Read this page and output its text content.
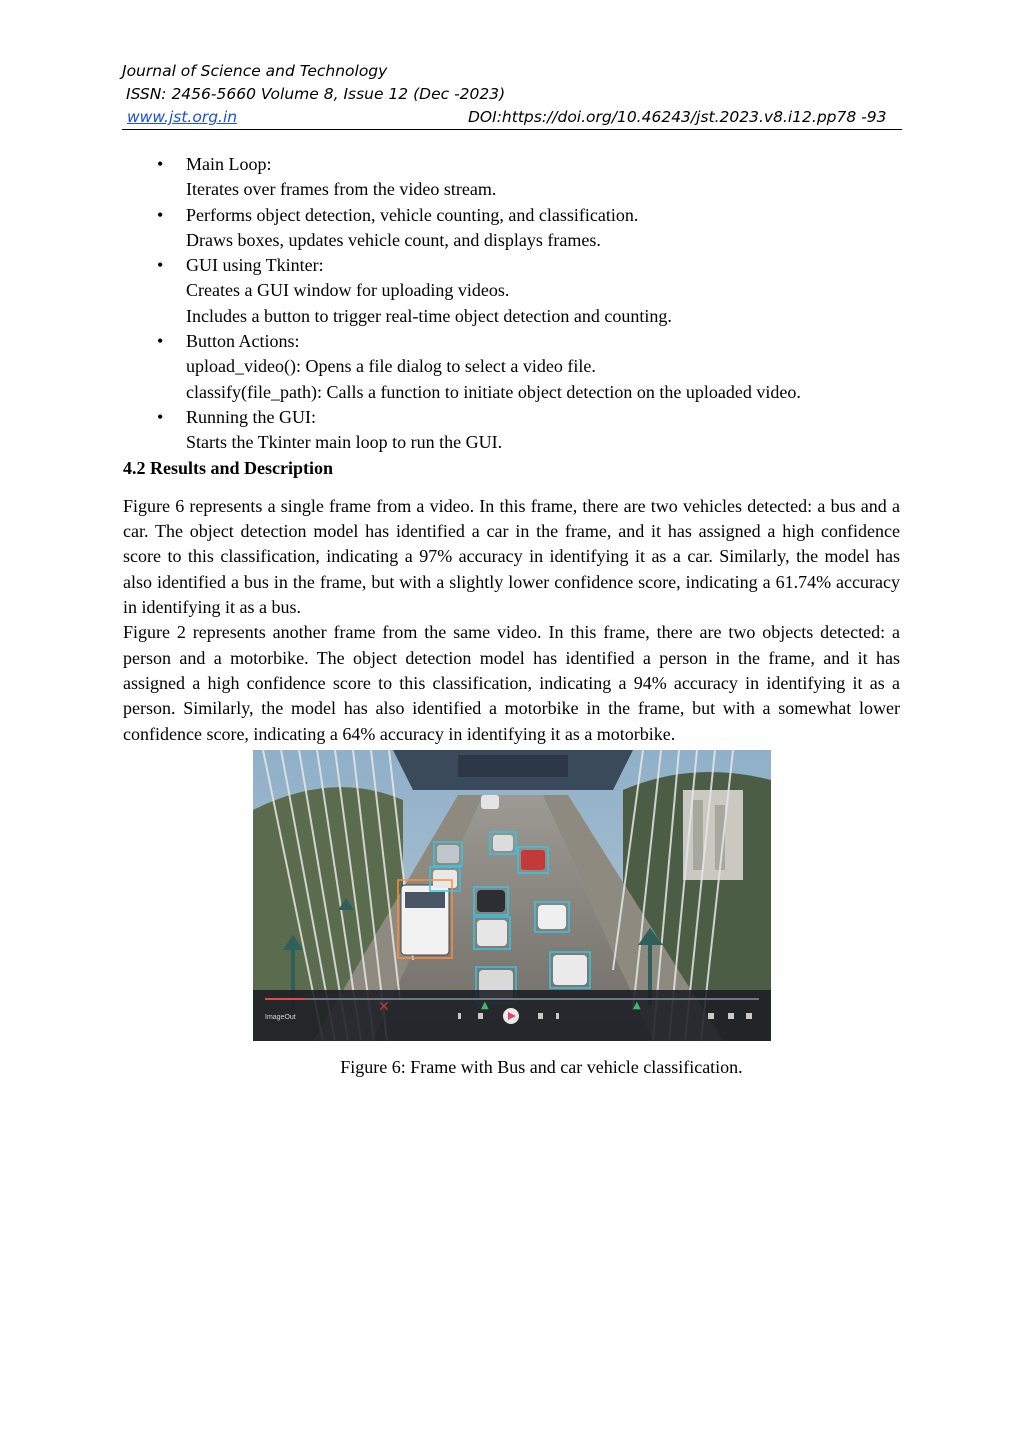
Journal of Science and Technology
ISSN: 2456-5660 Volume 8, Issue 12 (Dec -2023)
www.jst.org.in	DOI:https://doi.org/10.46243/jst.2023.v8.i12.pp78 -93
• Main Loop:
Iterates over frames from the video stream.
• Performs object detection, vehicle counting, and classification.
Draws boxes, updates vehicle count, and displays frames.
• GUI using Tkinter:
Creates a GUI window for uploading videos.
Includes a button to trigger real-time object detection and counting.
• Button Actions:
upload_video(): Opens a file dialog to select a video file.
classify(file_path): Calls a function to initiate object detection on the uploaded video.
• Running the GUI:
Starts the Tkinter main loop to run the GUI.
4.2 Results and Description

Figure 6 represents a single frame from a video. In this frame, there are two vehicles detected: a bus and a car. The object detection model has identified a car in the frame, and it has assigned a high confidence score to this classification, indicating a 97% accuracy in identifying it as a car. Similarly, the model has also identified a bus in the frame, but with a slightly lower confidence score, indicating a 61.74% accuracy in identifying it as a bus.

Figure 2 represents another frame from the same video. In this frame, there are two objects detected: a person and a motorbike. The object detection model has identified a person in the frame, and it has assigned a high confidence score to this classification, indicating a 94% accuracy in identifying it as a person. Similarly, the model has also identified a motorbike in the frame, but with a somewhat lower confidence score, indicating a 64% accuracy in identifying it as a motorbike.

ImageOut
✕	▲	▲
Figure 6: Frame with Bus and car vehicle classification.
